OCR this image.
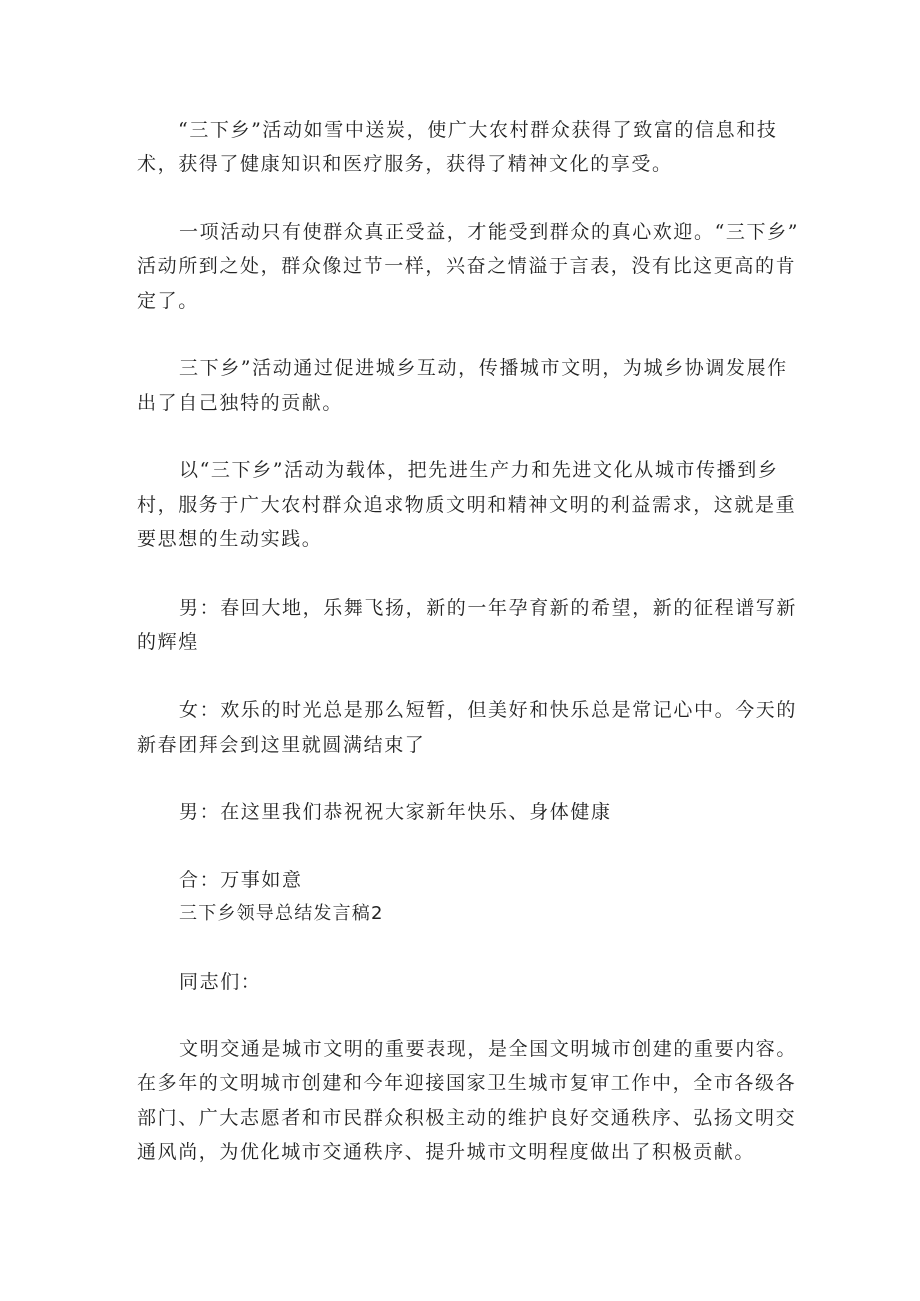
“三下乡”活动如雪中送炭，使广大农村群众获得了致富的信息和技

术，获得了健康知识和医疗服务，获得了精神文化的享受。

一项活动只有使群众真正受益，才能受到群众的真心欢迎。“三下乡”

活动所到之处，群众像过节一样，兴奋之情溢于言表，没有比这更高的肯

定了。

三下乡”活动通过促进城乡互动，传播城市文明，为城乡协调发展作

出了自己独特的贡献。

以“三下乡”活动为载体，把先进生产力和先进文化从城市传播到乡

村，服务于广大农村群众追求物质文明和精神文明的利益需求，这就是重

要思想的生动实践。

男：春回大地，乐舞飞扬，新的一年孕育新的希望，新的征程谱写新

的辉煌

女：欢乐的时光总是那么短暂，但美好和快乐总是常记心中。今天的

新春团拜会到这里就圆满结束了

男：在这里我们恭祝祝大家新年快乐、身体健康

合：万事如意

三下乡领导总结发言稿2

同志们：

文明交通是城市文明的重要表现，是全国文明城市创建的重要内容。

在多年的文明城市创建和今年迎接国家卫生城市复审工作中，全市各级各

部门、广大志愿者和市民群众积极主动的维护良好交通秩序、弘扬文明交

通风尚，为优化城市交通秩序、提升城市文明程度做出了积极贡献。
